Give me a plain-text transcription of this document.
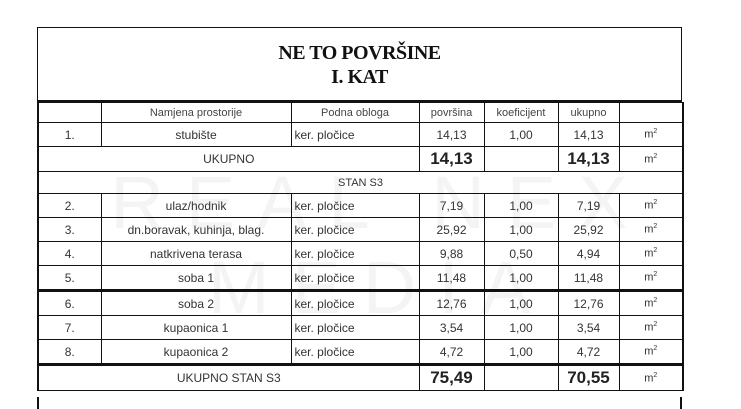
NE TO POVRŠINE
I. KAT
	Namjena prostorije	Podna obloga	površina	koeficijent	ukupno	
1.	stubište	ker. pločice	14,13	1,00	14,13	$m^2$
UKUPNO			14,13		14,13	$m^2$
STAN S3						
2.	ulaz/hodnik	ker. pločice	7,19	1,00	7,19	$m^2$
3.	dn.boravak, kuhinja, blag.	ker. pločice	25,92	1,00	25,92	$m^2$
4.	natkrivena terasa	ker. pločice	9,88	0,50	4,94	$m^2$
5.	soba 1	ker. pločice	11,48	1,00	11,48	$m^2$
6.	soba 2	ker. pločice	12,76	1,00	12,76	$m^2$
7.	kupaonica 1	ker. pločice	3,54	1,00	3,54	$m^2$
8.	kupaonica 2	ker. pločice	4,72	1,00	4,72	$m^2$
UKUPNO STAN S3			75,49		70,55	$m^2$
